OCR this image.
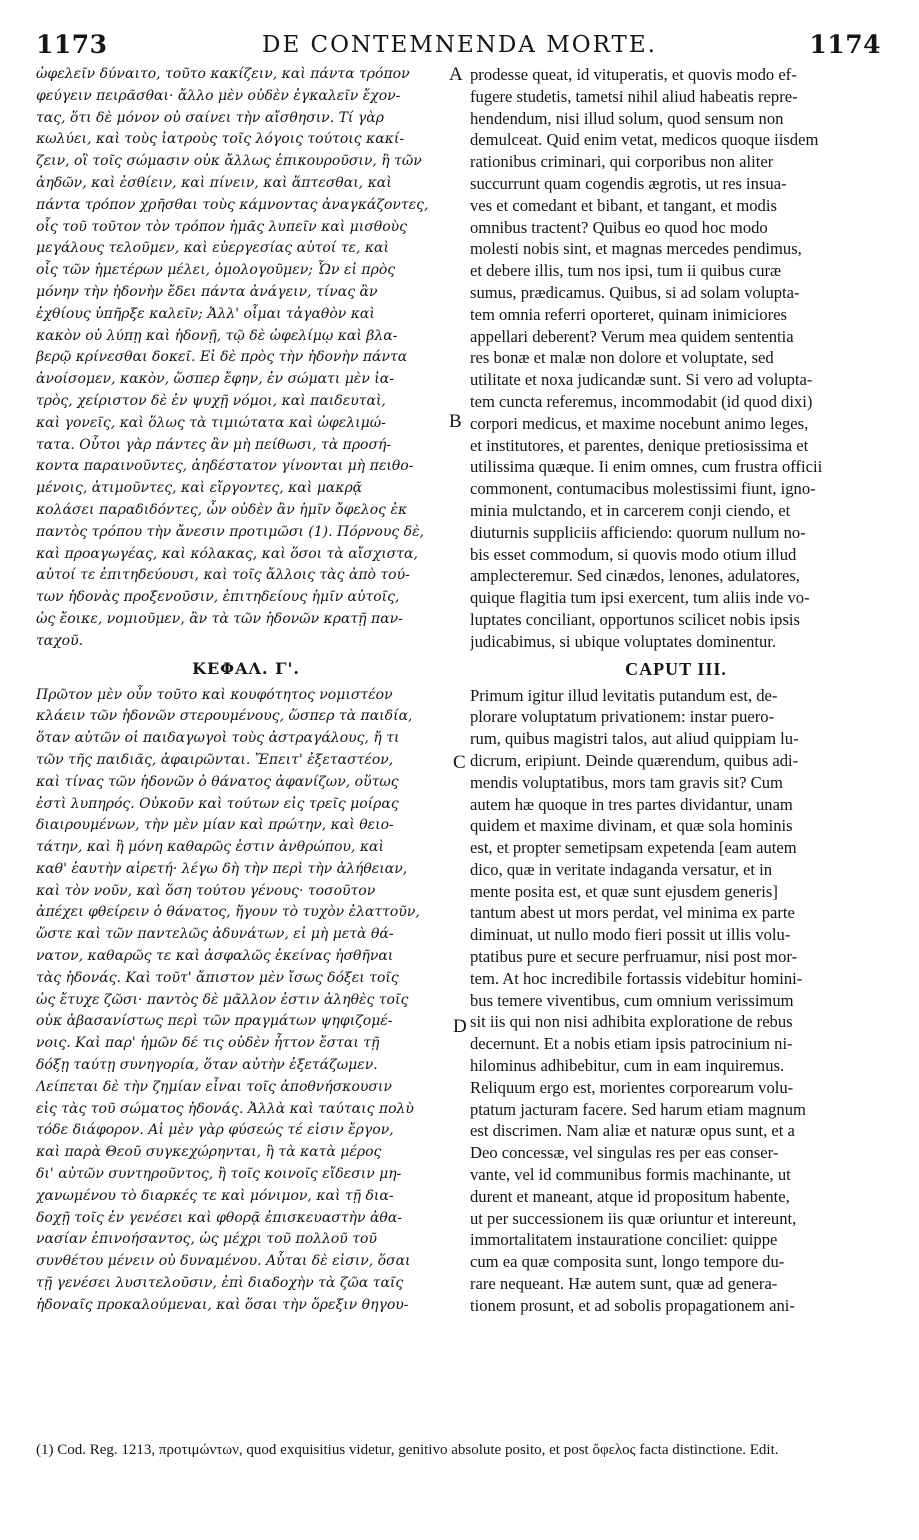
1173	DE CONTEMNENDA MORTE.	1174
ὠφελεῖν δύναιτο, τοῦτο κακίζειν, καὶ πάντα τρόπον
φεύγειν πειρᾶσθαι· ἄλλο μὲν οὐδὲν ἐγκαλεῖν ἔχον-
τας, ὅτι δὲ μόνον οὐ σαίνει τὴν αἴσθησιν. Τί γὰρ
κωλύει, καὶ τοὺς ἰατροὺς τοῖς λόγοις τούτοις κακί-
ζειν, οἳ τοῖς σώμασιν οὐκ ἄλλως ἐπικουροῦσιν, ἢ τῶν
ἀηδῶν, καὶ ἐσθίειν, καὶ πίνειν, καὶ ἅπτεσθαι, καὶ
πάντα τρόπον χρῆσθαι τοὺς κάμνοντας ἀναγκάζοντες,
οἷς τοῦ τοῦτον τὸν τρόπον ἡμᾶς λυπεῖν καὶ μισθοὺς
μεγάλους τελοῦμεν, καὶ εὐεργεσίας αὐτοί τε, καὶ
οἷς τῶν ἡμετέρων μέλει, ὁμολογοῦμεν; Ὧν εἰ πρὸς
μόνην τὴν ἡδονὴν ἔδει πάντα ἀνάγειν, τίνας ἂν
ἐχθίους ὑπῆρξε καλεῖν; Ἀλλ' οἶμαι τἀγαθὸν καὶ
κακὸν οὐ λύπῃ καὶ ἡδονῇ, τῷ δὲ ὠφελίμῳ καὶ βλα-
βερῷ κρίνεσθαι δοκεῖ. Εἰ δὲ πρὸς τὴν ἡδονὴν πάντα
ἀνοίσομεν, κακὸν, ὥσπερ ἔφην, ἐν σώματι μὲν ἰα-
τρὸς, χείριστον δὲ ἐν ψυχῇ νόμοι, καὶ παιδευταὶ,
καὶ γονεῖς, καὶ ὅλως τὰ τιμιώτατα καὶ ὠφελιμώ-
τατα. Οὗτοι γὰρ πάντες ἂν μὴ πείθωσι, τὰ προσή-
κοντα παραινοῦντες, ἀηδέστατον γίνονται μὴ πειθο-
μένοις, ἀτιμοῦντες, καὶ εἴργοντες, καὶ μακρᾷ
κολάσει παραδιδόντες, ὧν οὐδὲν ἂν ἡμῖν ὄφελος ἐκ
παντὸς τρόπου τὴν ἄνεσιν προτιμῶσι (1). Πόρνους δὲ,
καὶ προαγωγέας, καὶ κόλακας, καὶ ὅσοι τὰ αἴσχιστα,
αὐτοί τε ἐπιτηδεύουσι, καὶ τοῖς ἄλλοις τὰς ἀπὸ τού-
των ἡδονὰς προξενοῦσιν, ἐπιτηδείους ἡμῖν αὐτοῖς,
ὡς ἔοικε, νομιοῦμεν, ἂν τὰ τῶν ἡδονῶν κρατῇ παν-
ταχοῦ.
ΚΕΦΑΛ. Γ'.
Πρῶτον μὲν οὖν τοῦτο καὶ κουφότητος νομιστέον
κλάειν τῶν ἡδονῶν στερουμένους, ὥσπερ τὰ παιδία,
ὅταν αὐτῶν οἱ παιδαγωγοὶ τοὺς ἀστραγάλους, ἤ τι
τῶν τῆς παιδιᾶς, ἀφαιρῶνται. Ἔπειτ' ἐξεταστέον,
καὶ τίνας τῶν ἡδονῶν ὁ θάνατος ἀφανίζων, οὕτως
ἐστὶ λυπηρός. Οὐκοῦν καὶ τούτων εἰς τρεῖς μοίρας
διαιρουμένων, τὴν μὲν μίαν καὶ πρώτην, καὶ θειο-
τάτην, καὶ ἣ μόνη καθαρῶς ἐστιν ἀνθρώπου, καὶ
καθ' ἑαυτὴν αἱρετή· λέγω δὴ τὴν περὶ τὴν ἀλήθειαν,
καὶ τὸν νοῦν, καὶ ὅση τούτου γένους· τοσοῦτον
ἀπέχει φθείρειν ὁ θάνατος, ἤγουν τὸ τυχὸν ἐλαττοῦν,
ὥστε καὶ τῶν παντελῶς ἀδυνάτων, εἰ μὴ μετὰ θά-
νατον, καθαρῶς τε καὶ ἀσφαλῶς ἐκείνας ἠσθῆναι
τὰς ἡδονάς. Καὶ τοῦτ' ἄπιστον μὲν ἴσως δόξει τοῖς
ὡς ἔτυχε ζῶσι· παντὸς δὲ μᾶλλον ἐστιν ἀληθὲς τοῖς
οὐκ ἀβασανίστως περὶ τῶν πραγμάτων ψηφιζομέ-
νοις. Καὶ παρ' ἡμῶν δέ τις οὐδὲν ἧττον ἔσται τῇ
δόξῃ ταύτῃ συνηγορία, ὅταν αὐτὴν ἐξετάζωμεν.
Λείπεται δὲ τὴν ζημίαν εἶναι τοῖς ἀποθνήσκουσιν
εἰς τὰς τοῦ σώματος ἡδονάς. Ἀλλὰ καὶ ταύταις πολὺ
τόδε διάφορον. Αἱ μὲν γὰρ φύσεώς τέ εἰσιν ἔργον,
καὶ παρὰ Θεοῦ συγκεχώρηνται, ἢ τὰ κατὰ μέρος
δι' αὐτῶν συντηροῦντος, ἢ τοῖς κοινοῖς εἴδεσιν μη-
χανωμένου τὸ διαρκές τε καὶ μόνιμον, καὶ τῇ δια-
δοχῇ τοῖς ἐν γενέσει καὶ φθορᾷ ἐπισκευαστὴν ἀθα-
νασίαν ἐπινοήσαντος, ὡς μέχρι τοῦ πολλοῦ τοῦ
συνθέτου μένειν οὐ δυναμένου. Αὗται δὲ εἰσιν, ὅσαι
τῇ γενέσει λυσιτελοῦσιν, ἐπὶ διαδοχὴν τὰ ζῶα ταῖς
ἡδοναῖς προκαλούμεναι, καὶ ὅσαι τὴν ὄρεξιν θηγου-
prodesse queat, id vituperatis, et quovis modo ef-
fugere studetis, tametsi nihil aliud habeatis repre-
hendendum, nisi illud solum, quod sensum non
demulceat. Quid enim vetat, medicos quoque iisdem
rationibus criminari, qui corporibus non aliter
succurrunt quam cogendis ægrotis, ut res insua-
ves et comedant et bibant, et tangant, et modis
omnibus tractent? Quibus eo quod hoc modo
molesti nobis sint, et magnas mercedes pendimus,
et debere illis, tum nos ipsi, tum ii quibus curæ
sumus, prædicamus. Quibus, si ad solam volupta-
tem omnia referri oporteret, quinam inimiciores
appellari deberent? Verum mea quidem sententia
res bonæ et malæ non dolore et voluptate, sed
utilitate et noxa judicandæ sunt. Si vero ad volupta-
tem cuncta referemus, incommodabit (id quod dixi)
corpori medicus, et maxime nocebunt animo leges,
et institutores, et parentes, denique pretiosissima et
utilissima quæque. Ii enim omnes, cum frustra officii
commonent, contumacibus molestissimi fiunt, igno-
minia mulctando, et in carcerem conji ciendo, et
diuturnis suppliciis afficiendo: quorum nullum no-
bis esset commodum, si quovis modo otium illud
amplecteremur. Sed cinædos, lenones, adulatores,
quique flagitia tum ipsi exercent, tum aliis inde vo-
luptates conciliant, opportunos scilicet nobis ipsis
judicabimus, si ubique voluptates dominentur.
CAPUT III.
Primum igitur illud levitatis putandum est, de-
plorare voluptatum privationem: instar puero-
rum, quibus magistri talos, aut aliud quippiam lu-
dicrum, eripiunt. Deinde quærendum, quibus adi-
mendis voluptatibus, mors tam gravis sit? Cum
autem hæ quoque in tres partes dividantur, unam
quidem et maxime divinam, et quæ sola hominis
est, et propter semetipsam expetenda [eam autem
dico, quæ in veritate indaganda versatur, et in
mente posita est, et quæ sunt ejusdem generis]
tantum abest ut mors perdat, vel minima ex parte
diminuat, ut nullo modo fieri possit ut illis volu-
ptatibus pure et secure perfruamur, nisi post mor-
tem. At hoc incredibile fortassis videbitur homini-
bus temere viventibus, cum omnium verissimum
sit iis qui non nisi adhibita exploratione de rebus
decernunt. Et a nobis etiam ipsis patrocinium ni-
hilominus adhibebitur, cum in eam inquiremus.
Reliquum ergo est, morientes corporearum volu-
ptatum jacturam facere. Sed harum etiam magnum
est discrimen. Nam aliæ et naturæ opus sunt, et a
Deo concessæ, vel singulas res per eas conser-
vante, vel id communibus formis machinante, ut
durent et maneant, atque id propositum habente,
ut per successionem iis quæ oriuntur et intereunt,
immortalitatem instaurationе conciliet: quippe
cum ea quæ composita sunt, longo tempore du-
rare nequeant. Hæ autem sunt, quæ ad genera-
tionem prosunt, et ad sobolis propagationem ani-
A
B
C
D
(1) Cod. Reg. 1213, προτιμώντων, quod exquisitius videtur, genitivo absolute posito, et post ὄφελος facta distinctione. Edit.
